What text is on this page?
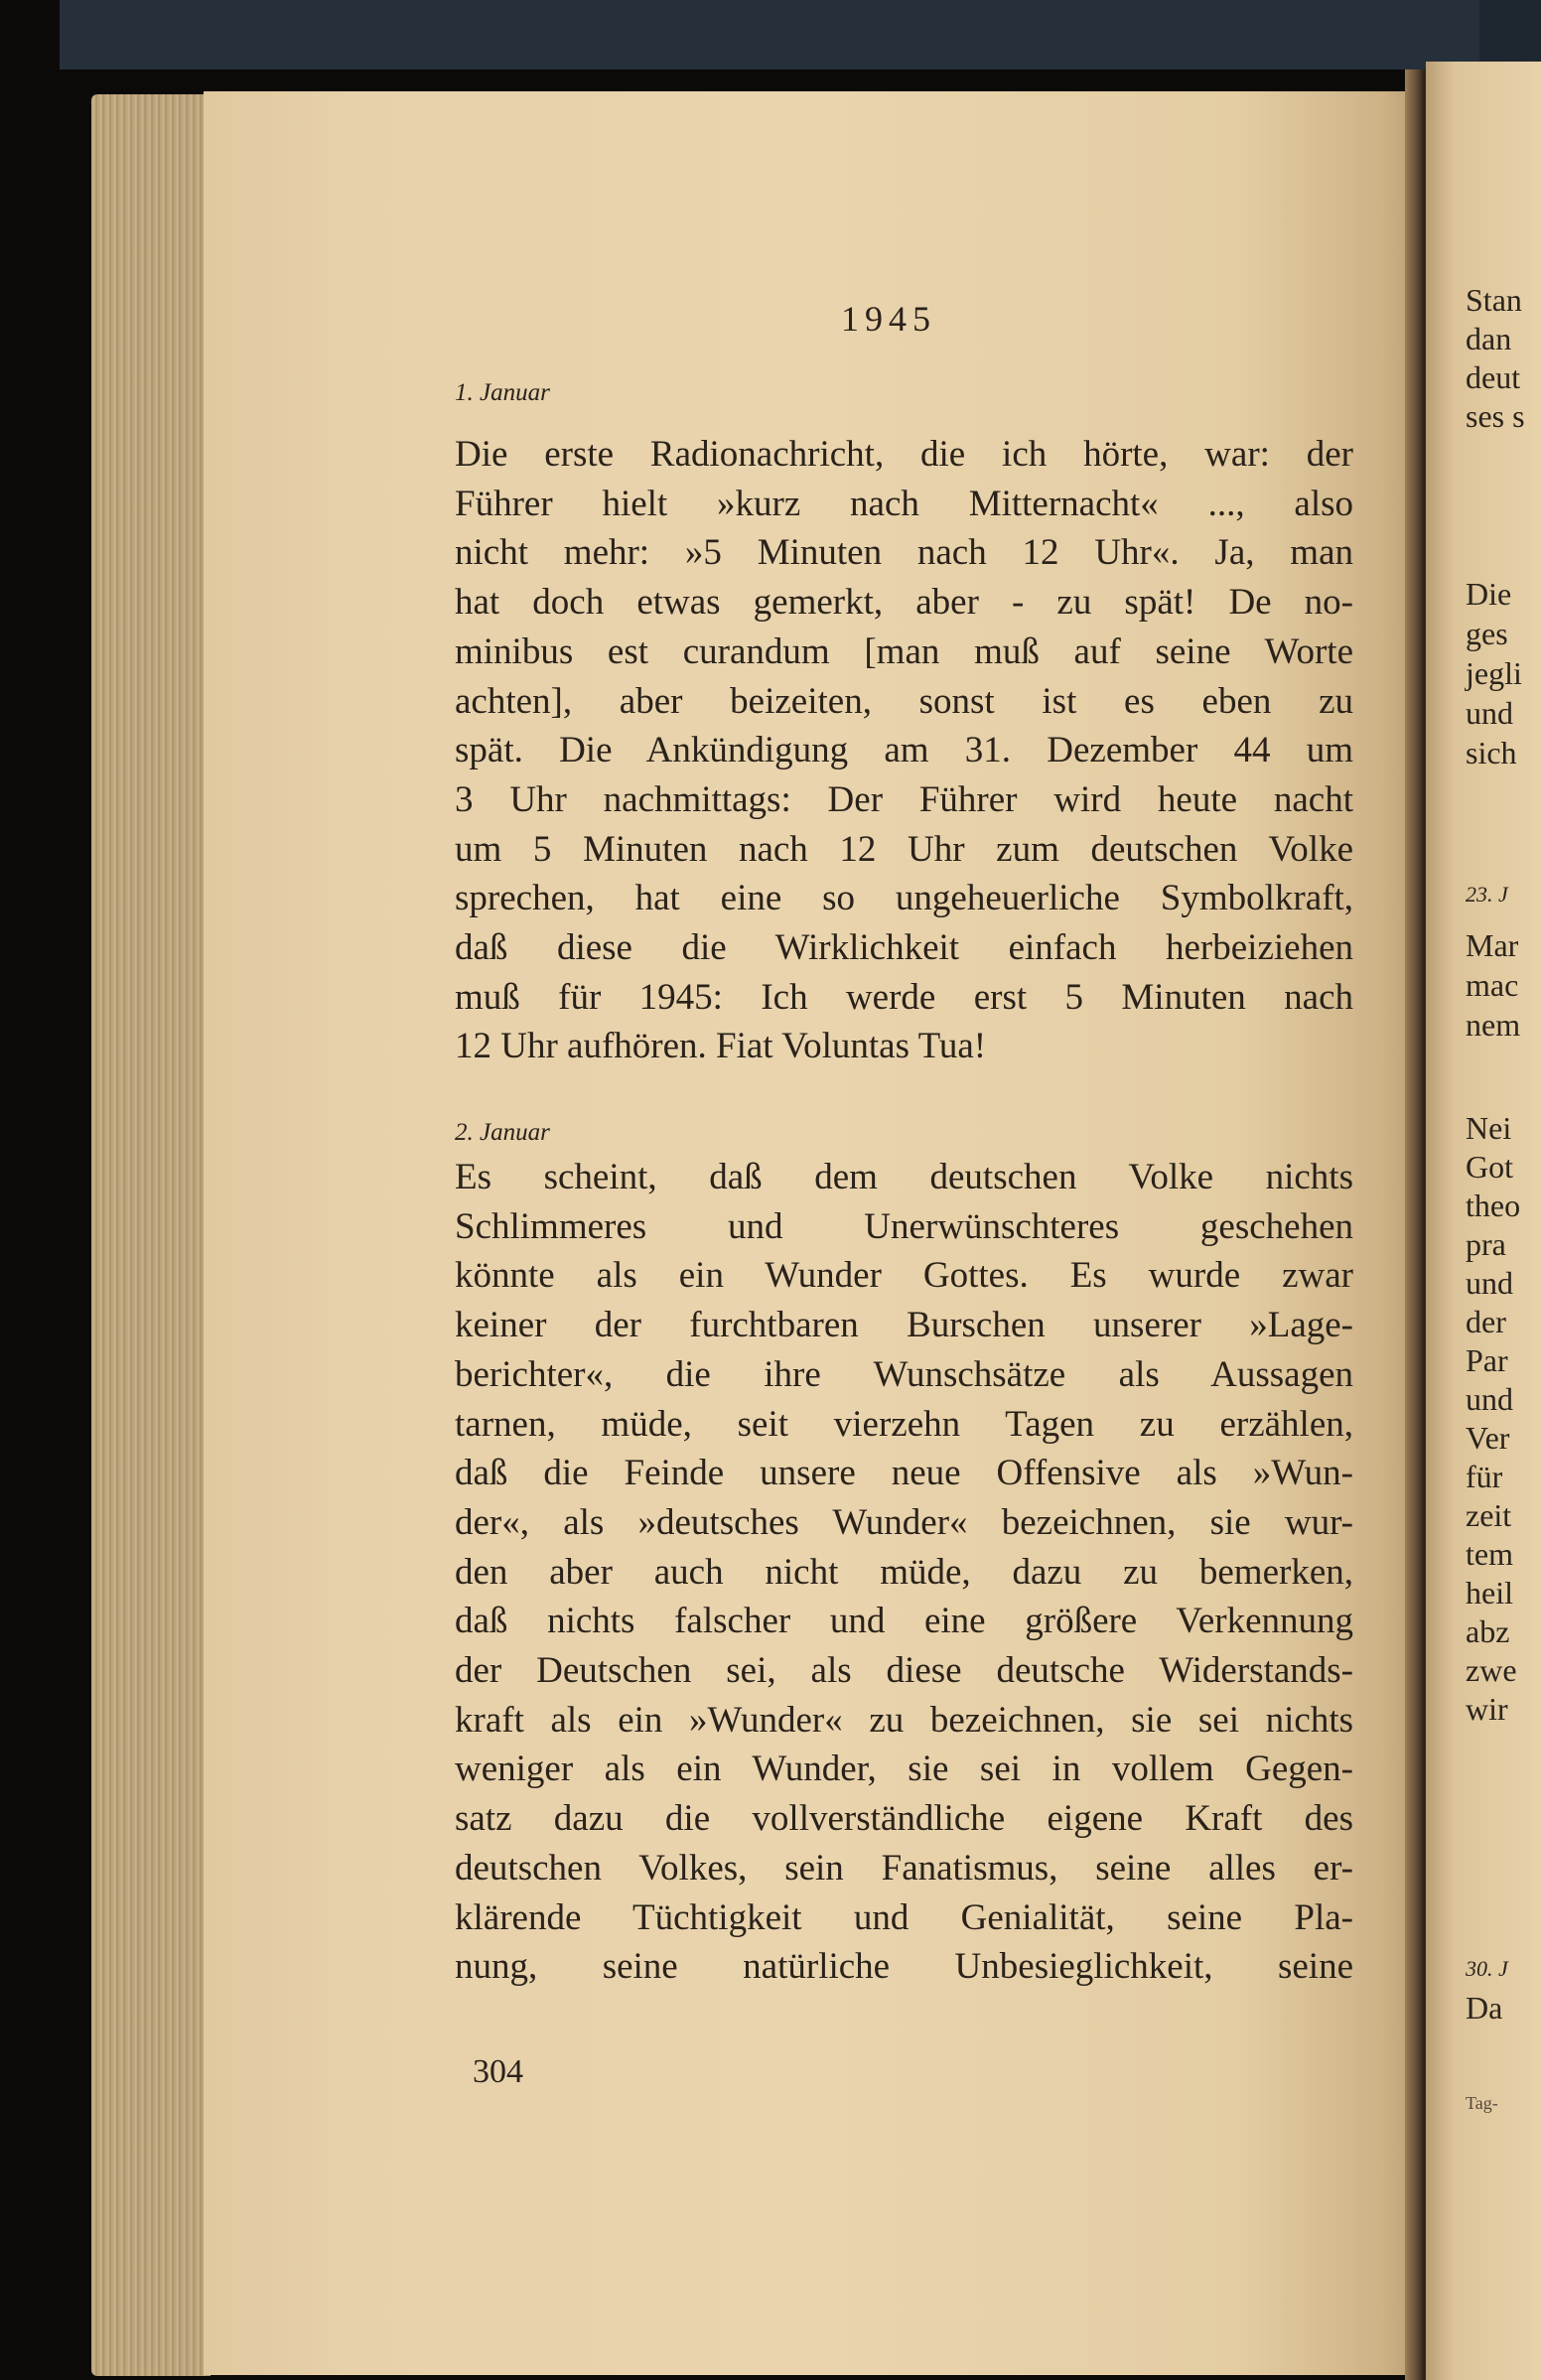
Stan
dan
deut
ses s
Die
ges
jegli
und
sich
Mar
mac
nem
Nei
Got
theo
pra
und
der
Par
und
Ver
für
zeit
tem
heil
abz
zwe
wir
Da
23. J
30. J
Tag-
1945
1. Januar
Die erste Radionachricht, die ich hörte, war: der
Führer hielt »kurz nach Mitternacht« ..., also
nicht mehr: »5 Minuten nach 12 Uhr«. Ja, man
hat doch etwas gemerkt, aber - zu spät! De no-
minibus est curandum [man muß auf seine Worte
achten], aber beizeiten, sonst ist es eben zu
spät. Die Ankündigung am 31. Dezember 44 um
3 Uhr nachmittags: Der Führer wird heute nacht
um 5 Minuten nach 12 Uhr zum deutschen Volke
sprechen, hat eine so ungeheuerliche Symbolkraft,
daß diese die Wirklichkeit einfach herbeiziehen
muß für 1945: Ich werde erst 5 Minuten nach
12 Uhr aufhören. Fiat Voluntas Tua!
2. Januar
Es scheint, daß dem deutschen Volke nichts
Schlimmeres und Unerwünschteres geschehen
könnte als ein Wunder Gottes. Es wurde zwar
keiner der furchtbaren Burschen unserer »Lage-
berichter«, die ihre Wunschsätze als Aussagen
tarnen, müde, seit vierzehn Tagen zu erzählen,
daß die Feinde unsere neue Offensive als »Wun-
der«, als »deutsches Wunder« bezeichnen, sie wur-
den aber auch nicht müde, dazu zu bemerken,
daß nichts falscher und eine größere Verkennung
der Deutschen sei, als diese deutsche Widerstands-
kraft als ein »Wunder« zu bezeichnen, sie sei nichts
weniger als ein Wunder, sie sei in vollem Gegen-
satz dazu die vollverständliche eigene Kraft des
deutschen Volkes, sein Fanatismus, seine alles er-
klärende Tüchtigkeit und Genialität, seine Pla-
nung, seine natürliche Unbesieglichkeit, seine
304
